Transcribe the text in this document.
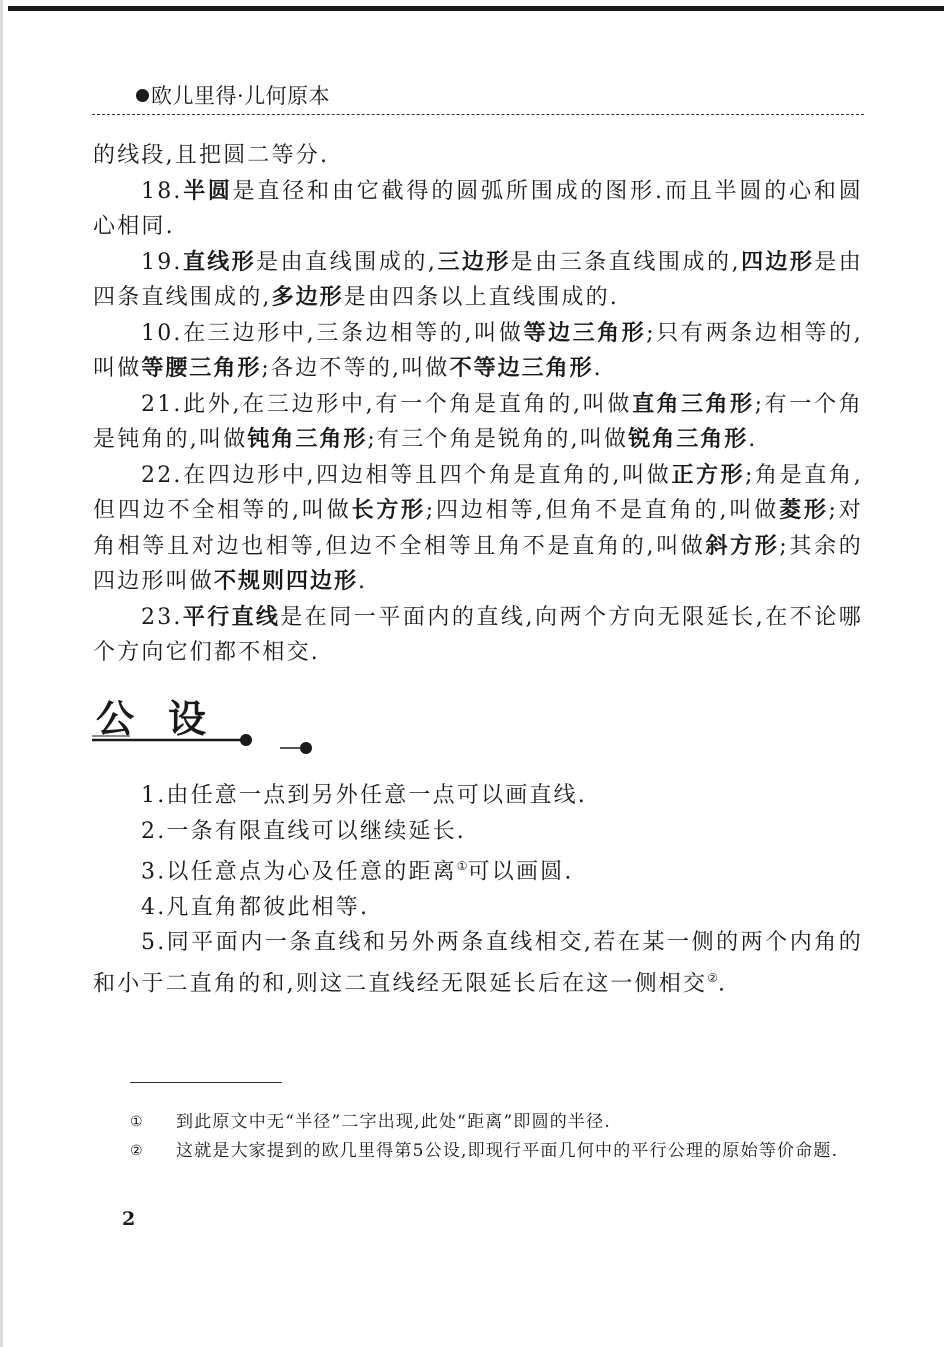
欧儿里得·儿何原本

的线段,且把圆二等分.

18.半圆是直径和由它截得的圆弧所围成的图形.而且半圆的心和圆心相同.

19.直线形是由直线围成的,三边形是由三条直线围成的,四边形是由四条直线围成的,多边形是由四条以上直线围成的.

10.在三边形中,三条边相等的,叫做等边三角形;只有两条边相等的,叫做等腰三角形;各边不等的,叫做不等边三角形.

21.此外,在三边形中,有一个角是直角的,叫做直角三角形;有一个角是钝角的,叫做钝角三角形;有三个角是锐角的,叫做锐角三角形.

22.在四边形中,四边相等且四个角是直角的,叫做正方形;角是直角,但四边不全相等的,叫做长方形;四边相等,但角不是直角的,叫做菱形;对角相等且对边也相等,但边不全相等且角不是直角的,叫做斜方形;其余的四边形叫做不规则四边形.

23.平行直线是在同一平面内的直线,向两个方向无限延长,在不论哪个方向它们都不相交.

公设

1.由任意一点到另外任意一点可以画直线.

2.一条有限直线可以继续延长.

3.以任意点为心及任意的距离①可以画圆.

4.凡直角都彼此相等.

5.同平面内一条直线和另外两条直线相交,若在某一侧的两个内角的和小于二直角的和,则这二直线经无限延长后在这一侧相交②.

①	到此原文中无“半径”二字出现,此处“距离”即圆的半径.
②	这就是大家提到的欧几里得第5公设,即现行平面几何中的平行公理的原始等价命题.
2
